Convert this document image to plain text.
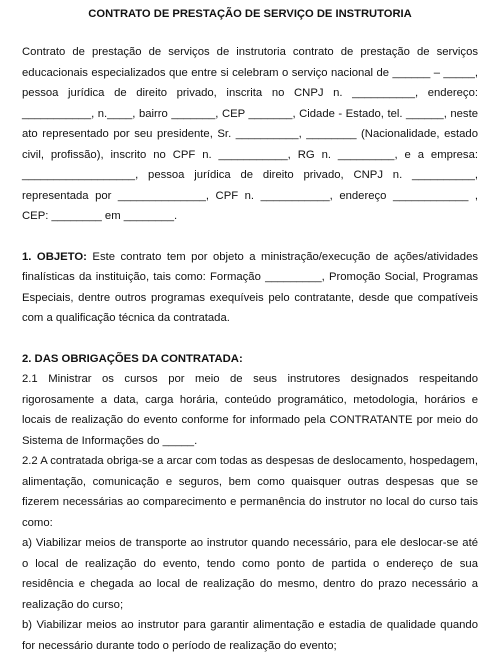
CONTRATO DE PRESTAÇÃO DE SERVIÇO DE INSTRUTORIA

Contrato de prestação de serviços de instrutoria contrato de prestação de serviços educacionais especializados que entre si celebram o serviço nacional de ______ – _____, pessoa jurídica de direito privado, inscrita no CNPJ n. __________, endereço: ___________, n.____, bairro _______, CEP _______, Cidade - Estado, tel. ______, neste ato representado por seu presidente, Sr. __________, ________ (Nacionalidade, estado civil, profissão), inscrito no CPF n. ___________, RG n. _________, e a empresa: __________________, pessoa jurídica de direito privado, CNPJ n. __________, representada por ______________, CPF n. ___________, endereço ____________ , CEP: ________ em ________.

1. OBJETO: Este contrato tem por objeto a ministração/execução de ações/atividades finalísticas da instituição, tais como: Formação _________, Promoção Social, Programas Especiais, dentre outros programas exequíveis pelo contratante, desde que compatíveis com a qualificação técnica da contratada.

2. DAS OBRIGAÇÕES DA CONTRATADA:

2.1 Ministrar os cursos por meio de seus instrutores designados respeitando rigorosamente a data, carga horária, conteúdo programático, metodologia, horários e locais de realização do evento conforme for informado pela CONTRATANTE por meio do Sistema de Informações do _____.

2.2 A contratada obriga-se a arcar com todas as despesas de deslocamento, hospedagem, alimentação, comunicação e seguros, bem como quaisquer outras despesas que se fizerem necessárias ao comparecimento e permanência do instrutor no local do curso tais como:

a) Viabilizar meios de transporte ao instrutor quando necessário, para ele deslocar-se até o local de realização do evento, tendo como ponto de partida o endereço de sua residência e chegada ao local de realização do mesmo, dentro do prazo necessário a realização do curso;

b) Viabilizar meios ao instrutor para garantir alimentação e estadia de qualidade quando for necessário durante todo o período de realização do evento;
